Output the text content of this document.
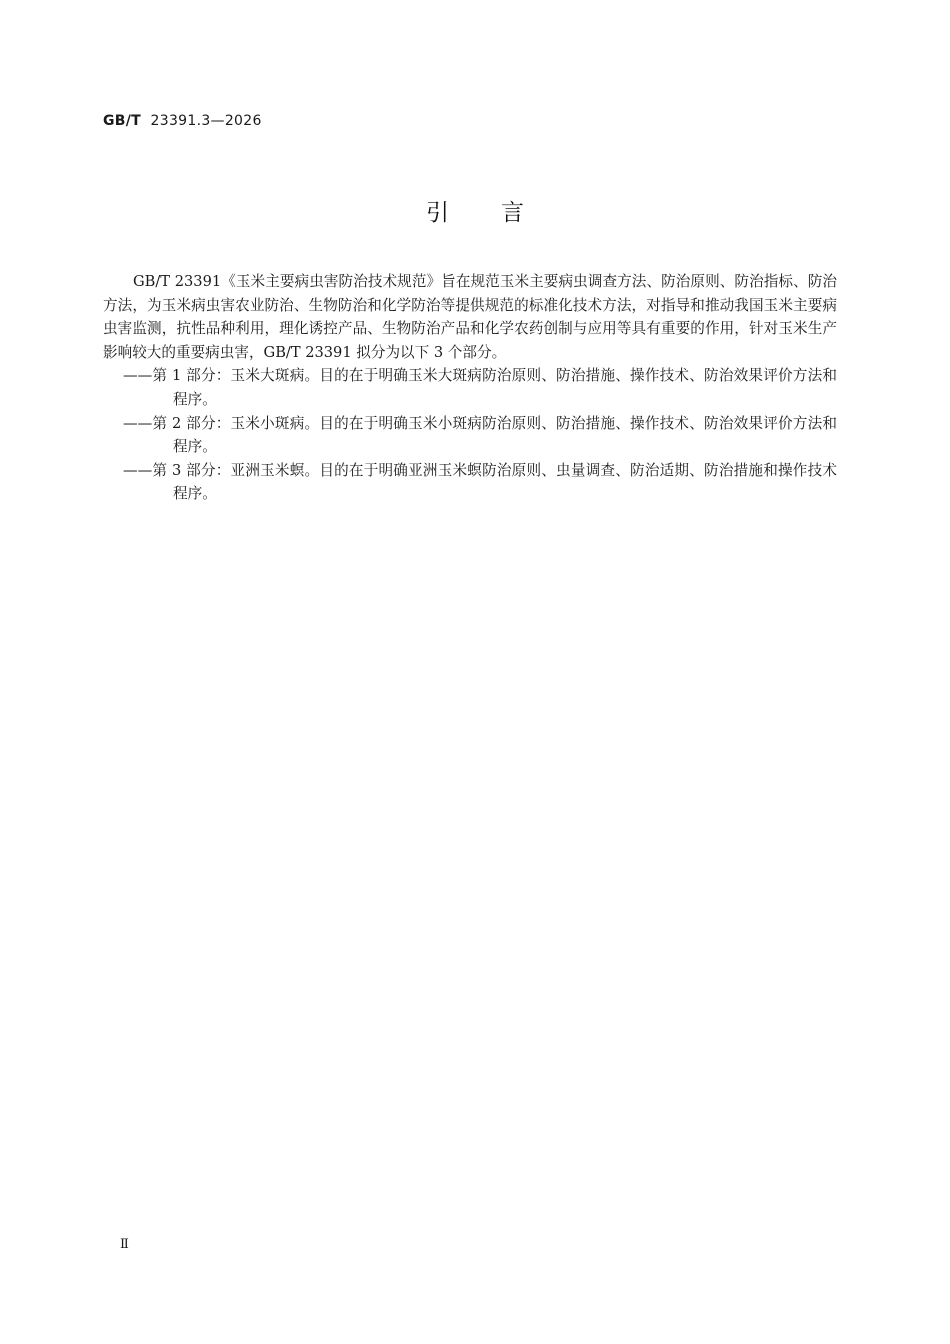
GB/T 23391.3—2026
引言

GB/T 23391《玉米主要病虫害防治技术规范》旨在规范玉米主要病虫调查方法、防治原则、防治指标、防治方法，为玉米病虫害农业防治、生物防治和化学防治等提供规范的标准化技术方法，对指导和推动我国玉米主要病虫害监测，抗性品种利用，理化诱控产品、生物防治产品和化学农药创制与应用等具有重要的作用，针对玉米生产影响较大的重要病虫害，GB/T 23391 拟分为以下 3 个部分。

——第 1 部分：玉米大斑病。目的在于明确玉米大斑病防治原则、防治措施、操作技术、防治效果评价方法和程序。

——第 2 部分：玉米小斑病。目的在于明确玉米小斑病防治原则、防治措施、操作技术、防治效果评价方法和程序。

——第 3 部分：亚洲玉米螟。目的在于明确亚洲玉米螟防治原则、虫量调查、防治适期、防治措施和操作技术程序。

Ⅱ
